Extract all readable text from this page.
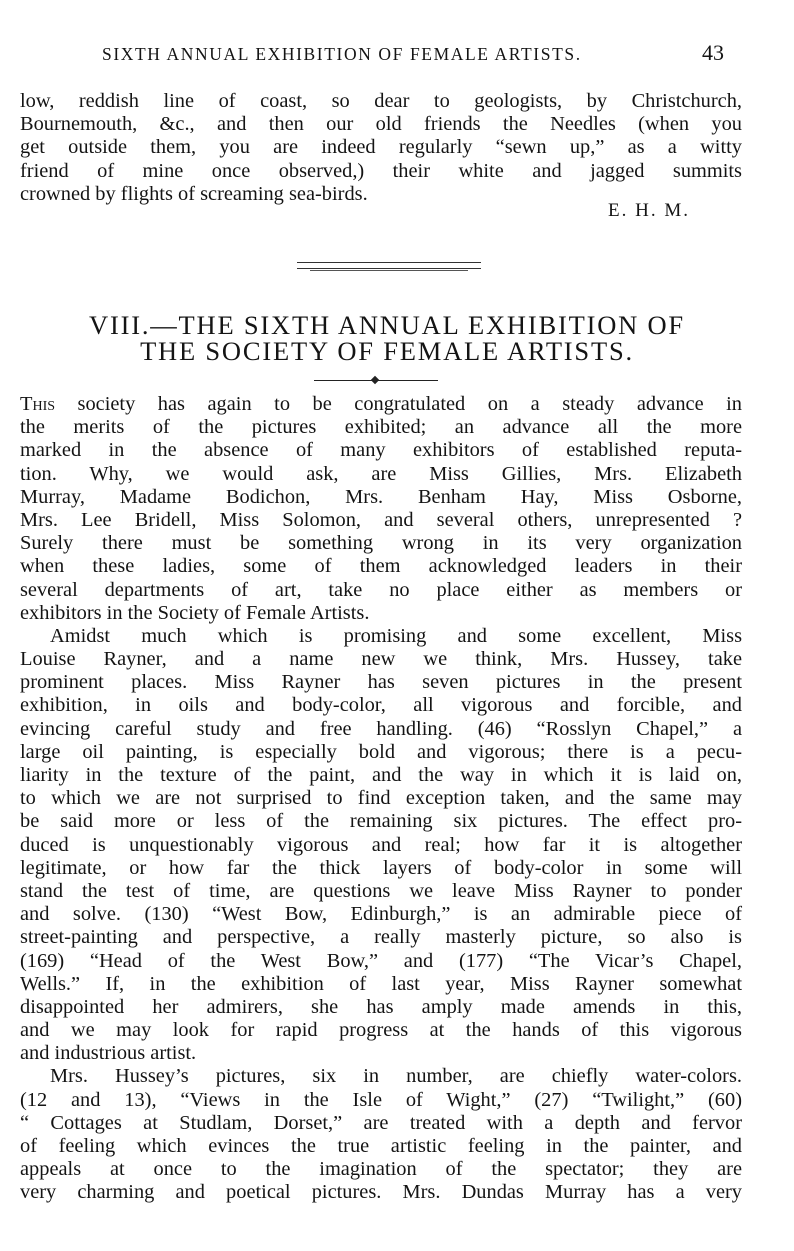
SIXTH ANNUAL EXHIBITION OF FEMALE ARTISTS.	43
low, reddish line of coast, so dear to geologists, by Christchurch,
Bournemouth, &c., and then our old friends the Needles (when you
get outside them, you are indeed regularly “sewn up,” as a witty
friend of mine once observed,) their white and jagged summits
crowned by flights of screaming sea-birds.
E. H. M.
VIII.—THE SIXTH ANNUAL EXHIBITION OF
THE SOCIETY OF FEMALE ARTISTS.
This society has again to be congratulated on a steady advance in
the merits of the pictures exhibited; an advance all the more
marked in the absence of many exhibitors of established reputa-
tion. Why, we would ask, are Miss Gillies, Mrs. Elizabeth
Murray, Madame Bodichon, Mrs. Benham Hay, Miss Osborne,
Mrs. Lee Bridell, Miss Solomon, and several others, unrepresented ?
Surely there must be something wrong in its very organization
when these ladies, some of them acknowledged leaders in their
several departments of art, take no place either as members or
exhibitors in the Society of Female Artists.
Amidst much which is promising and some excellent, Miss
Louise Rayner, and a name new we think, Mrs. Hussey, take
prominent places. Miss Rayner has seven pictures in the present
exhibition, in oils and body-color, all vigorous and forcible, and
evincing careful study and free handling. (46) “Rosslyn Chapel,” a
large oil painting, is especially bold and vigorous; there is a pecu-
liarity in the texture of the paint, and the way in which it is laid on,
to which we are not surprised to find exception taken, and the same may
be said more or less of the remaining six pictures. The effect pro-
duced is unquestionably vigorous and real; how far it is altogether
legitimate, or how far the thick layers of body-color in some will
stand the test of time, are questions we leave Miss Rayner to ponder
and solve. (130) “West Bow, Edinburgh,” is an admirable piece of
street-painting and perspective, a really masterly picture, so also is
(169) “Head of the West Bow,” and (177) “The Vicar’s Chapel,
Wells.” If, in the exhibition of last year, Miss Rayner somewhat
disappointed her admirers, she has amply made amends in this,
and we may look for rapid progress at the hands of this vigorous
and industrious artist.
Mrs. Hussey’s pictures, six in number, are chiefly water-colors.
(12 and 13), “Views in the Isle of Wight,” (27) “Twilight,” (60)
“ Cottages at Studlam, Dorset,” are treated with a depth and fervor
of feeling which evinces the true artistic feeling in the painter, and
appeals at once to the imagination of the spectator; they are
very charming and poetical pictures. Mrs. Dundas Murray has a very
